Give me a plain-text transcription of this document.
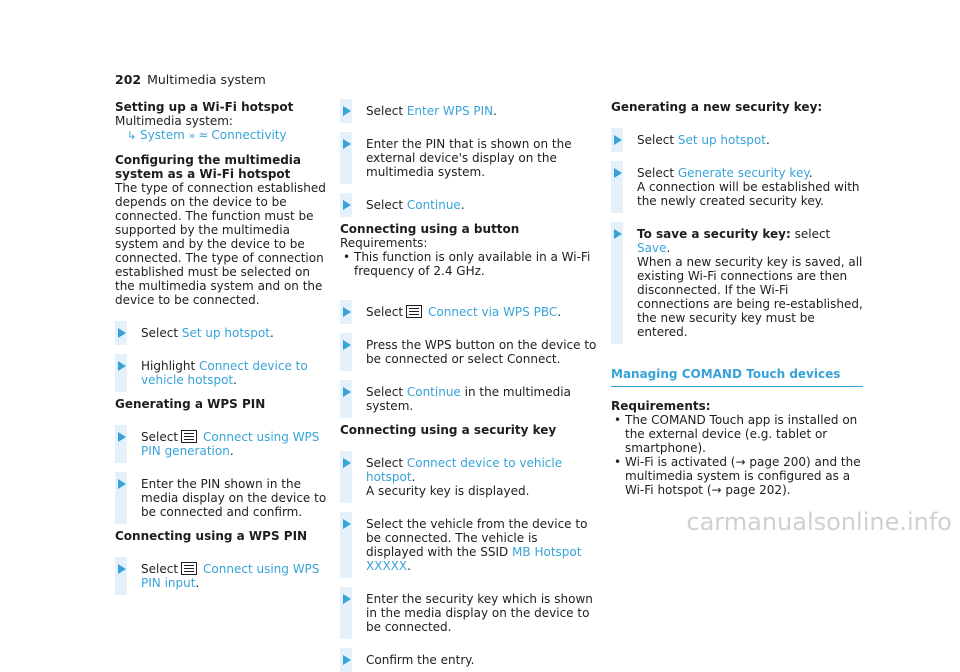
202 Multimedia system
Setting up a Wi-Fi hotspot
Multimedia system:
↳ System » ≈ Connectivity
Configuring the multimedia system as a Wi-Fi hotspot
The type of connection established depends on the device to be connected. The function must be supported by the multimedia system and by the device to be connected. The type of connection established must be selected on the multimedia system and on the device to be connected.
Select Set up hotspot.
Highlight Connect device to vehicle hotspot.
Generating a WPS PIN
Select Connect using WPS PIN generation.
Enter the PIN shown in the media display on the device to be connected and confirm.
Connecting using a WPS PIN
Select Connect using WPS PIN input.
Select Enter WPS PIN.
Enter the PIN that is shown on the external device's display on the multimedia system.
Select Continue.
Connecting using a button
Requirements:
• This function is only available in a Wi-Fi frequency of 2.4 GHz.
Select Connect via WPS PBC.
Press the WPS button on the device to be connected or select Connect.
Select Continue in the multimedia system.
Connecting using a security key
Select Connect device to vehicle hotspot.
A security key is displayed.
Select the vehicle from the device to be connected. The vehicle is displayed with the SSID MB Hotspot XXXXX.
Enter the security key which is shown in the media display on the device to be connected.
Confirm the entry.
Generating a new security key:
Select Set up hotspot.
Select Generate security key.
A connection will be established with the newly created security key.
To save a security key: select Save.
When a new security key is saved, all existing Wi-Fi connections are then disconnected. If the Wi-Fi connections are being re-established, the new security key must be entered.
Managing COMAND Touch devices
Requirements:
• The COMAND Touch app is installed on the external device (e.g. tablet or smartphone).
• Wi-Fi is activated (→ page 200) and the multimedia system is configured as a Wi-Fi hotspot (→ page 202).
carmanualsonline.info
